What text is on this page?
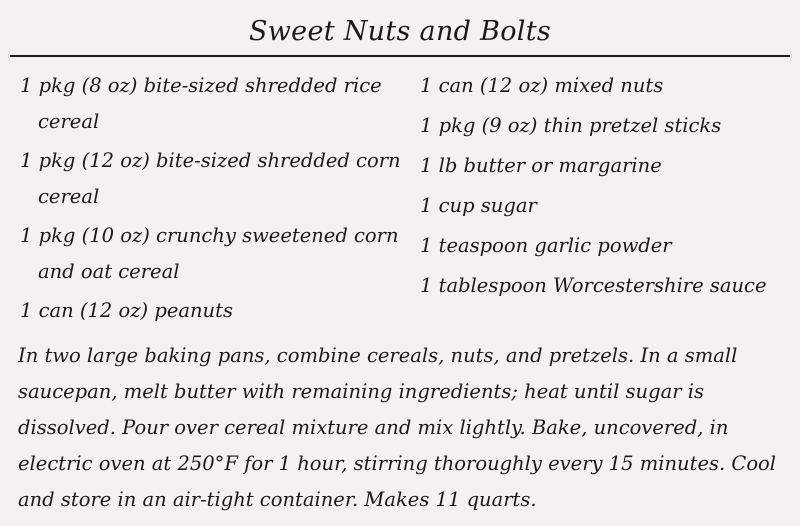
Sweet Nuts and Bolts
1 pkg (8 oz) bite-sized shredded rice cereal
1 pkg (12 oz) bite-sized shredded corn cereal
1 pkg (10 oz) crunchy sweetened corn and oat cereal
1 can (12 oz) peanuts
1 can (12 oz) mixed nuts
1 pkg (9 oz) thin pretzel sticks
1 lb butter or margarine
1 cup sugar
1 teaspoon garlic powder
1 tablespoon Worcestershire sauce

In two large baking pans, combine cereals, nuts, and pretzels. In a small saucepan, melt butter with remaining ingredients; heat until sugar is dissolved. Pour over cereal mixture and mix lightly. Bake, uncovered, in electric oven at 250°F for 1 hour, stirring thoroughly every 15 minutes. Cool and store in an air-tight container. Makes 11 quarts.
